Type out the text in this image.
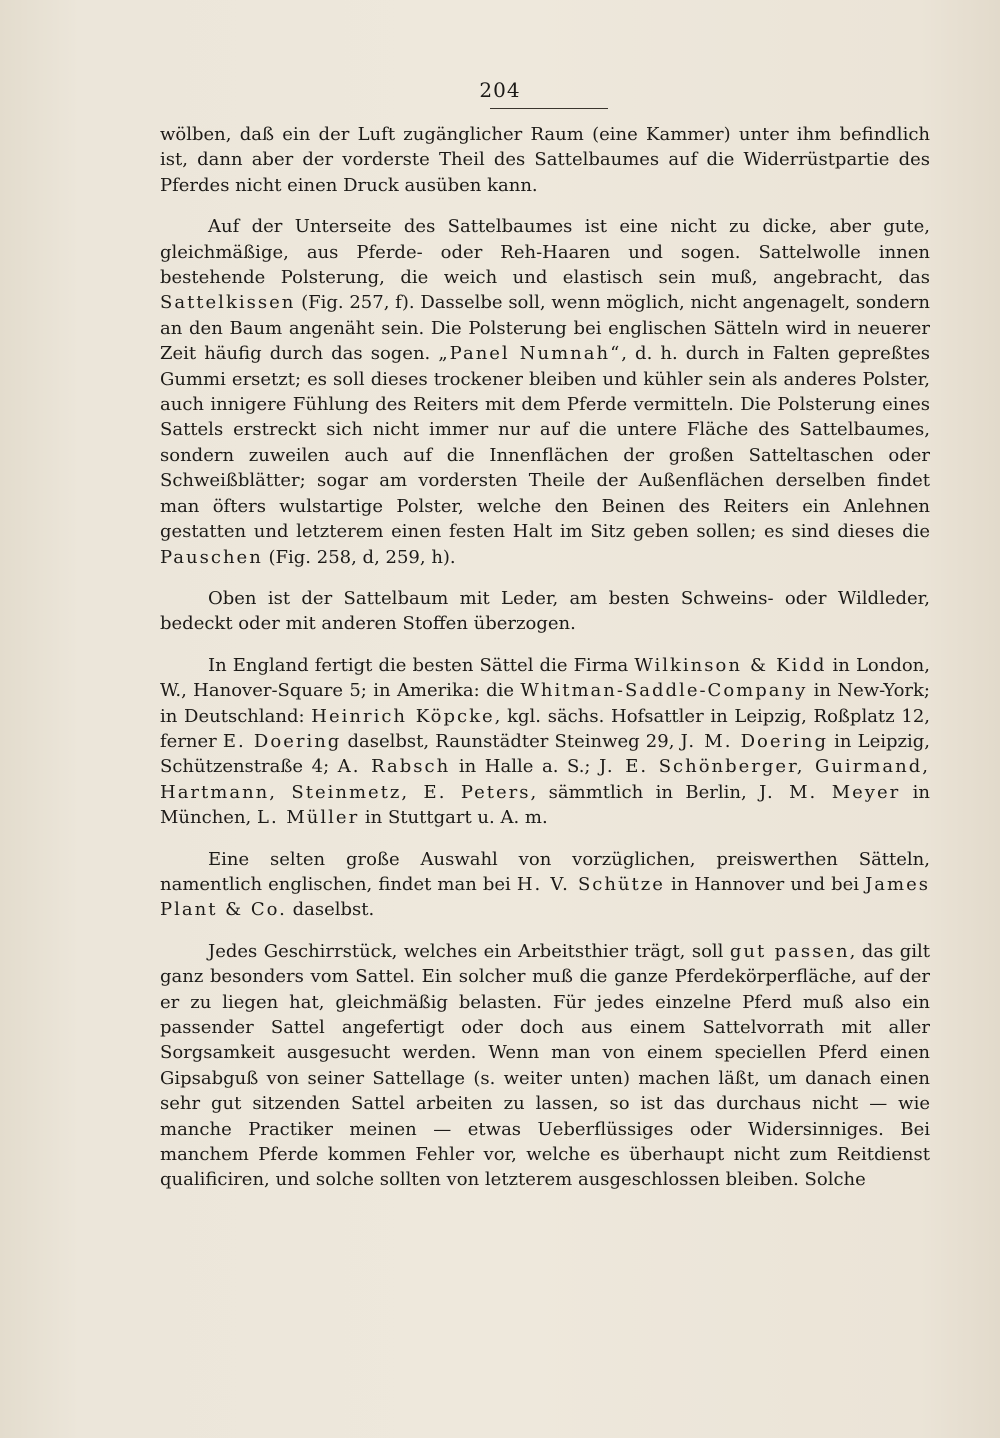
204

wölben, daß ein der Luft zugänglicher Raum (eine Kammer) unter ihm befindlich ist, dann aber der vorderste Theil des Sattelbaumes auf die Widerrüstpartie des Pferdes nicht einen Druck ausüben kann.

Auf der Unterseite des Sattelbaumes ist eine nicht zu dicke, aber gute, gleichmäßige, aus Pferde- oder Reh-Haaren und sogen. Sattelwolle innen bestehende Polsterung, die weich und elastisch sein muß, angebracht, das Sattelkissen (Fig. 257, f). Dasselbe soll, wenn möglich, nicht angenagelt, sondern an den Baum angenäht sein. Die Polsterung bei englischen Sätteln wird in neuerer Zeit häufig durch das sogen. „Panel Numnah“, d. h. durch in Falten gepreßtes Gummi ersetzt; es soll dieses trockener bleiben und kühler sein als anderes Polster, auch innigere Fühlung des Reiters mit dem Pferde vermitteln. Die Polsterung eines Sattels erstreckt sich nicht immer nur auf die untere Fläche des Sattelbaumes, sondern zuweilen auch auf die Innenflächen der großen Satteltaschen oder Schweißblätter; sogar am vordersten Theile der Außenflächen derselben findet man öfters wulstartige Polster, welche den Beinen des Reiters ein Anlehnen gestatten und letzterem einen festen Halt im Sitz geben sollen; es sind dieses die Pauschen (Fig. 258, d, 259, h).

Oben ist der Sattelbaum mit Leder, am besten Schweins- oder Wildleder, bedeckt oder mit anderen Stoffen überzogen.

In England fertigt die besten Sättel die Firma Wilkinson & Kidd in London, W., Hanover-Square 5; in Amerika: die Whitman-Saddle-Company in New-York; in Deutschland: Heinrich Köpcke, kgl. sächs. Hofsattler in Leipzig, Roßplatz 12, ferner E. Doering daselbst, Raunstädter Steinweg 29, J. M. Doering in Leipzig, Schützenstraße 4; A. Rabsch in Halle a. S.; J. E. Schönberger, Guirmand, Hartmann, Steinmetz, E. Peters, sämmtlich in Berlin, J. M. Meyer in München, L. Müller in Stuttgart u. A. m.

Eine selten große Auswahl von vorzüglichen, preiswerthen Sätteln, namentlich englischen, findet man bei H. V. Schütze in Hannover und bei James Plant & Co. daselbst.

Jedes Geschirrstück, welches ein Arbeitsthier trägt, soll gut passen, das gilt ganz besonders vom Sattel. Ein solcher muß die ganze Pferdekörperfläche, auf der er zu liegen hat, gleichmäßig belasten. Für jedes einzelne Pferd muß also ein passender Sattel angefertigt oder doch aus einem Sattelvorrath mit aller Sorgsamkeit ausgesucht werden. Wenn man von einem speciellen Pferd einen Gipsabguß von seiner Sattellage (s. weiter unten) machen läßt, um danach einen sehr gut sitzenden Sattel arbeiten zu lassen, so ist das durchaus nicht — wie manche Practiker meinen — etwas Ueberflüssiges oder Widersinniges. Bei manchem Pferde kommen Fehler vor, welche es überhaupt nicht zum Reitdienst qualificiren, und solche sollten von letzterem ausgeschlossen bleiben. Solche
